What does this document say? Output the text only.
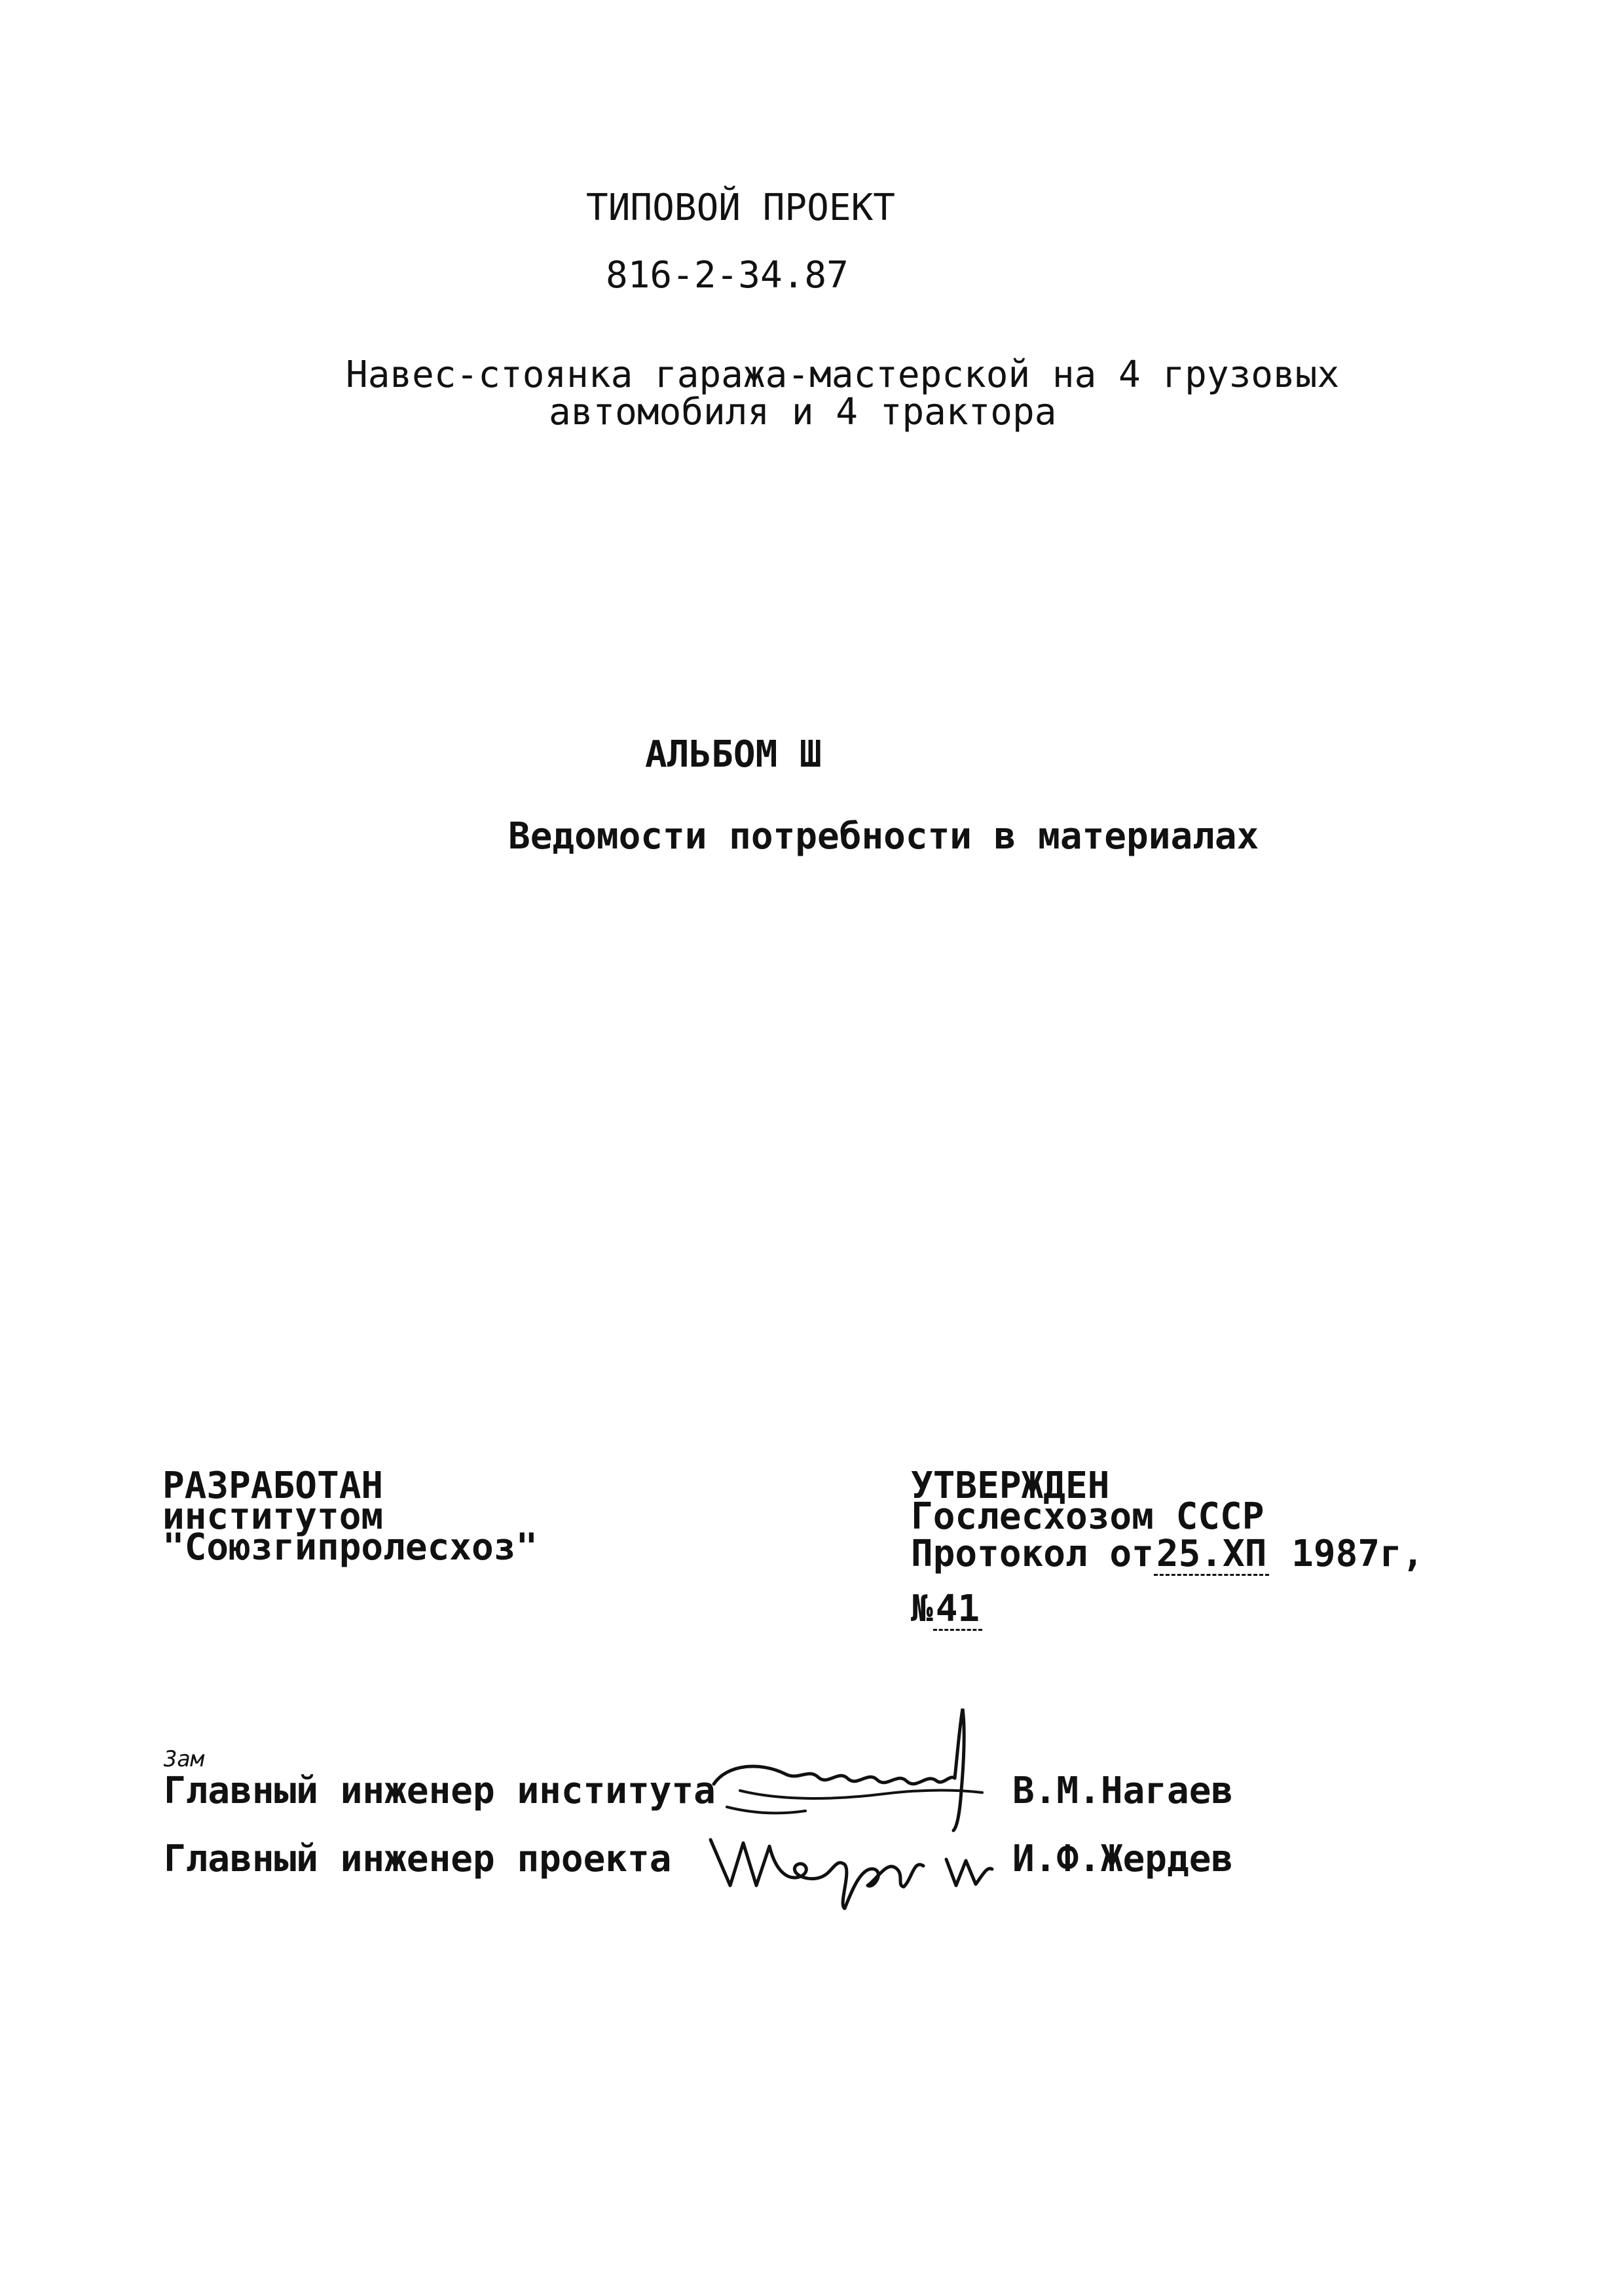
ТИПОВОЙ ПРОЕКТ
816-2-34.87
Навес-стоянка гаража-мастерской на 4 грузовых
автомобиля и 4 трактора
АЛЬБОМ Ш
Ведомости потребности в материалах
РАЗРАБОТАН
институтом
"Союзгипролесхоз"
УТВЕРЖДЕН
Гослесхозом СССР
Протокол от25.ХП 1987г,
№41
Зам
Главный инженер института	В.М.Нагаев
Главный инженер проекта	И.Ф.Жердев
